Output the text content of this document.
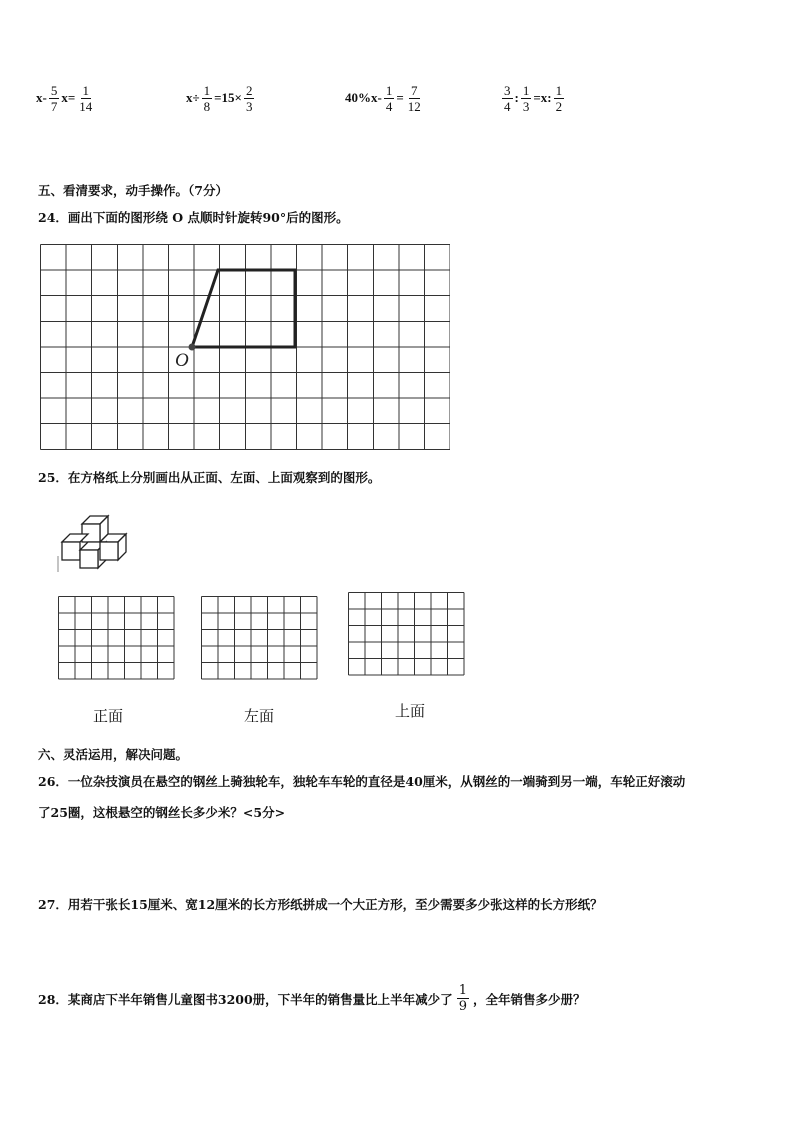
$x- \frac{5}{7} x= \frac{1}{14}$	$x\div \frac{1}{8} =15\times \frac{2}{3}$	$40\%x- \frac{1}{4} = \frac{7}{12}$	$\frac{3}{4}$ : $\frac{1}{3} =x$: $\frac{1}{2}$
五、看清要求，动手操作。（7分）
24．画出下面的图形绕 O 点顺时针旋转90°后的图形。
O
25．在方格纸上分别画出从正面、左面、上面观察到的图形。
正面	左面	上面
六、灵活运用，解决问题。
26．一位杂技演员在悬空的钢丝上骑独轮车，独轮车车轮的直径是40厘米，从钢丝的一端骑到另一端，车轮正好滚动
了25圈，这根悬空的钢丝长多少米？<5分>
27．用若干张长15厘米、宽12厘米的长方形纸拼成一个大正方形，至少需要多少张这样的长方形纸？
28．某商店下半年销售儿童图书3200册，下半年的销售量比上半年减少了 $\frac{1}{9}$ ，全年销售多少册？
